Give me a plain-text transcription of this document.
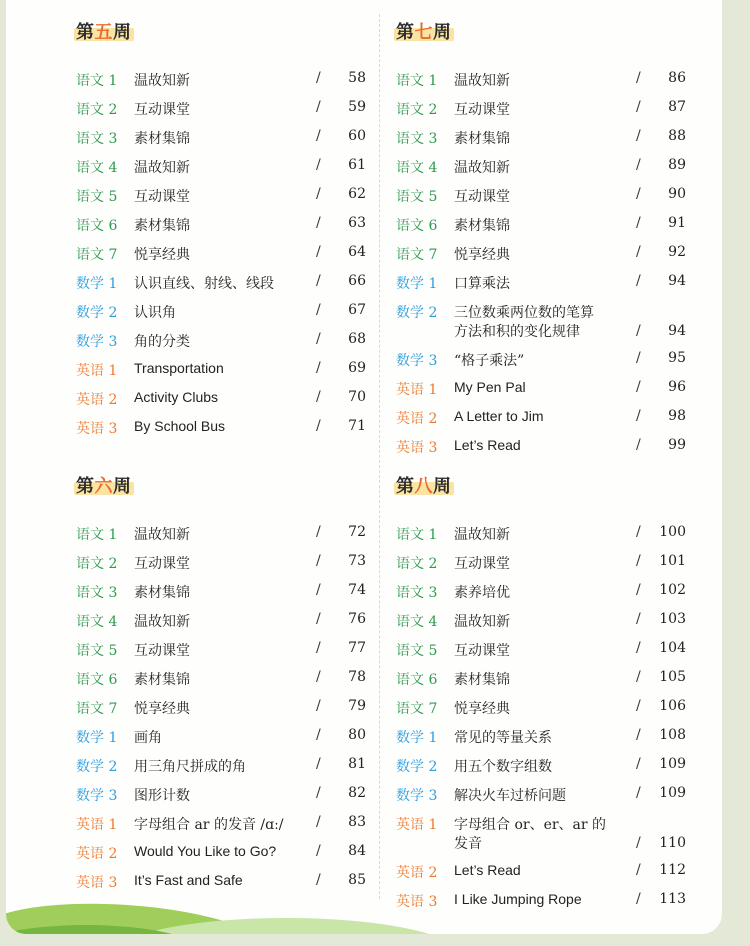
第五周
语文 1 温故知新	/ 58
语文 2 互动课堂	/ 59
语文 3 素材集锦	/ 60
语文 4 温故知新	/ 61
语文 5 互动课堂	/ 62
语文 6 素材集锦	/ 63
语文 7 悦享经典	/ 64
数学 1 认识直线、射线、线段	/ 66
数学 2 认识角	/ 67
数学 3 角的分类	/ 68
英语 1 Transportation	/ 69
英语 2 Activity Clubs	/ 70
英语 3 By School Bus	/ 71
第七周
语文 1 温故知新	/ 86
语文 2 互动课堂	/ 87
语文 3 素材集锦	/ 88
语文 4 温故知新	/ 89
语文 5 互动课堂	/ 90
语文 6 素材集锦	/ 91
语文 7 悦享经典	/ 92
数学 1 口算乘法	/ 94
数学 2 三位数乘两位数的笔算
方法和积的变化规律	/ 94
数学 3 “格子乘法”	/ 95
英语 1 My Pen Pal	/ 96
英语 2 A Letter to Jim	/ 98
英语 3 Let’s Read	/ 99
第六周
语文 1 温故知新	/ 72
语文 2 互动课堂	/ 73
语文 3 素材集锦	/ 74
语文 4 温故知新	/ 76
语文 5 互动课堂	/ 77
语文 6 素材集锦	/ 78
语文 7 悦享经典	/ 79
数学 1 画角	/ 80
数学 2 用三角尺拼成的角	/ 81
数学 3 图形计数	/ 82
英语 1 字母组合 ar 的发音 /ɑː/ / 83
英语 2 Would You Like to Go?	/ 84
英语 3 It’s Fast and Safe	/ 85
第八周
语文 1 温故知新	/ 100
语文 2 互动课堂	/ 101
语文 3 素养培优	/ 102
语文 4 温故知新	/ 103
语文 5 互动课堂	/ 104
语文 6 素材集锦	/ 105
语文 7 悦享经典	/ 106
数学 1 常见的等量关系	/ 108
数学 2 用五个数字组数	/ 109
数学 3 解决火车过桥问题	/ 109
英语 1 字母组合 or、er、ar 的
发音	/ 110
英语 2 Let’s Read	/ 112
英语 3 I Like Jumping Rope	/ 113
